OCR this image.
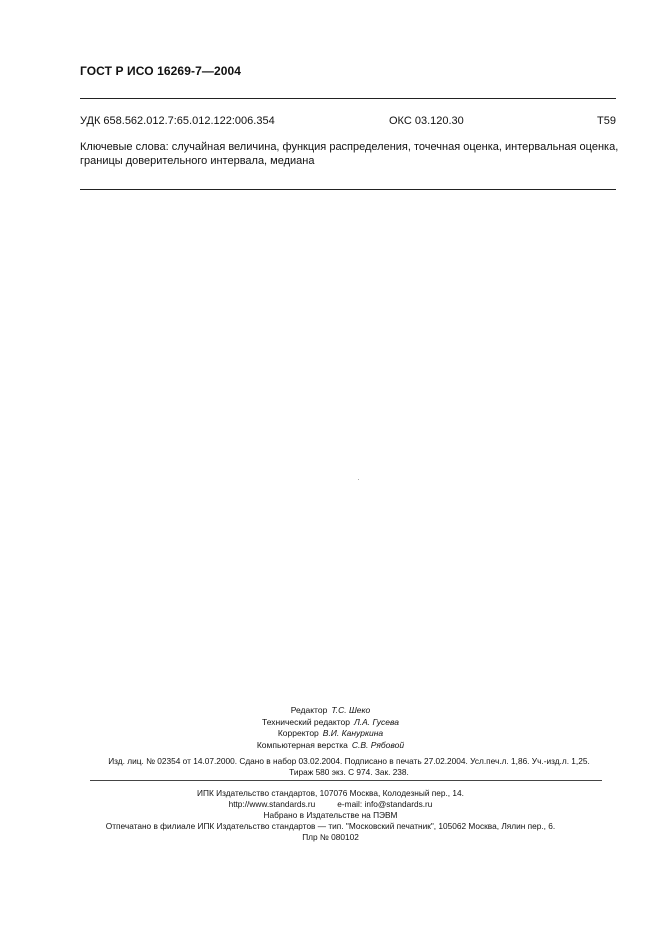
ГОСТ Р ИСО 16269-7—2004
УДК 658.562.012.7:65.012.122:006.354	ОКС 03.120.30	Т59
Ключевые слова: случайная величина, функция распределения, точечная оценка, интервальная оценка, границы доверительного интервала, медиана
Редактор Т.С. Шеко
Технический редактор Л.А. Гусева
Корректор В.И. Кануркина
Компьютерная верстка С.В. Рябовой
Изд. лиц. № 02354 от 14.07.2000. Сдано в набор 03.02.2004. Подписано в печать 27.02.2004. Усл.печ.л. 1,86. Уч.-изд.л. 1,25.
Тираж 580 экз. С 974. Зак. 238.
ИПК Издательство стандартов, 107076 Москва, Колодезный пер., 14.
http://www.standards.ru	e-mail: info@standards.ru
Набрано в Издательстве на ПЭВМ
Отпечатано в филиале ИПК Издательство стандартов — тип. "Московский печатник", 105062 Москва, Лялин пер., 6.
Плр № 080102
